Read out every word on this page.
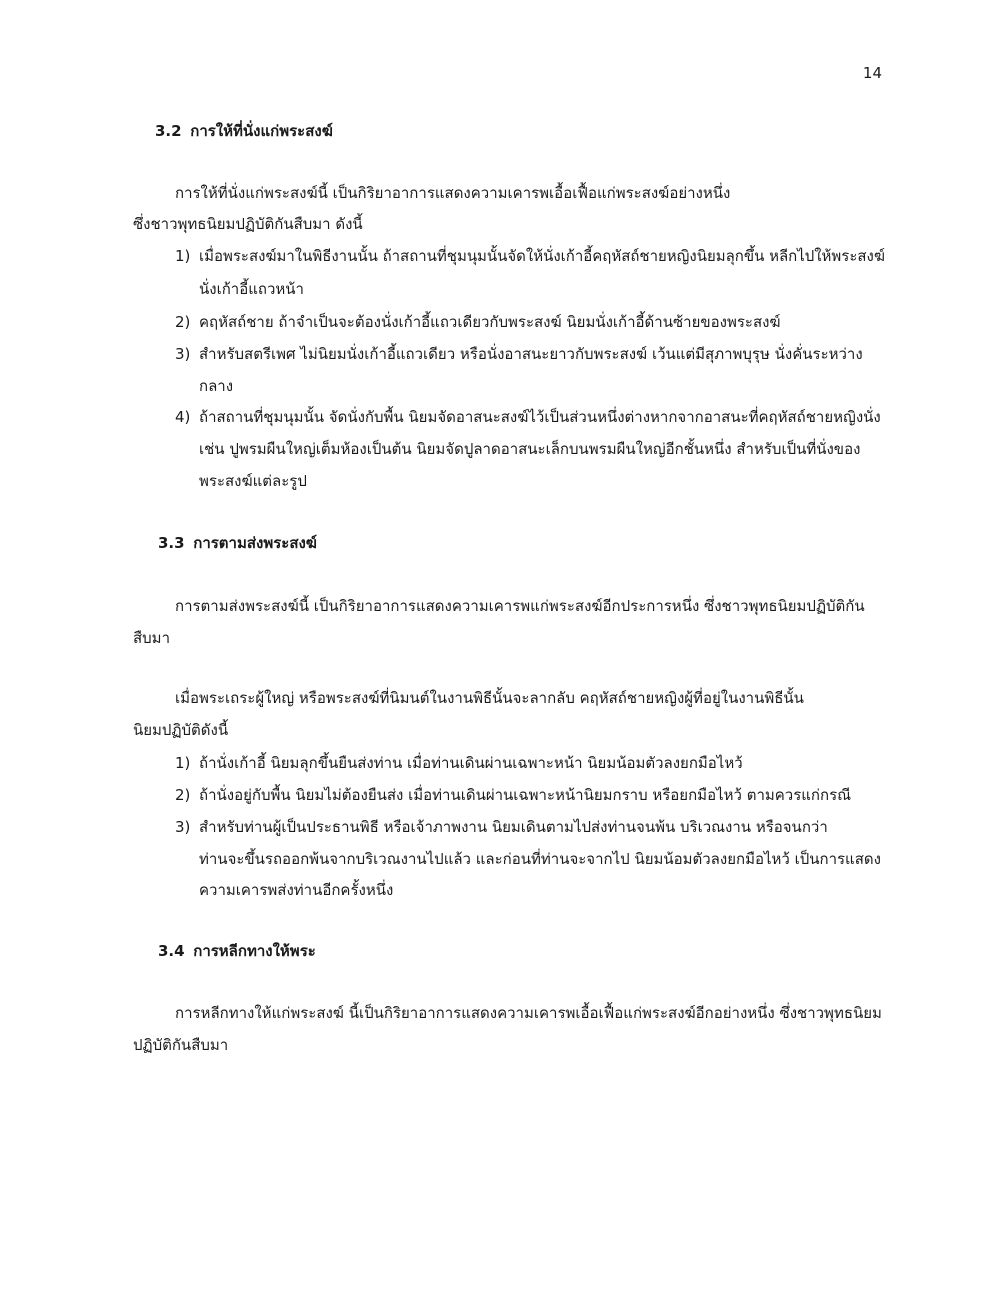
14
3.2 การให้ที่นั่งแก่พระสงฆ์
การให้ที่นั่งแก่พระสงฆ์นี้ เป็นกิริยาอาการแสดงความเคารพเอื้อเฟื้อแก่พระสงฆ์อย่างหนึ่ง
ซึ่งชาวพุทธนิยมปฏิบัติกันสืบมา ดังนี้
1) เมื่อพระสงฆ์มาในพิธีงานนั้น ถ้าสถานที่ชุมนุมนั้นจัดให้นั่งเก้าอี้คฤหัสถ์ชายหญิงนิยมลุกขึ้น หลีกไปให้พระสงฆ์
นั่งเก้าอี้แถวหน้า
2) คฤหัสถ์ชาย ถ้าจำเป็นจะต้องนั่งเก้าอี้แถวเดียวกับพระสงฆ์ นิยมนั่งเก้าอี้ด้านซ้ายของพระสงฆ์
3) สำหรับสตรีเพศ ไม่นิยมนั่งเก้าอี้แถวเดียว หรือนั่งอาสนะยาวกับพระสงฆ์ เว้นแต่มีสุภาพบุรุษ นั่งคั่นระหว่าง
กลาง
4) ถ้าสถานที่ชุมนุมนั้น จัดนั่งกับพื้น นิยมจัดอาสนะสงฆ์ไว้เป็นส่วนหนึ่งต่างหากจากอาสนะที่คฤหัสถ์ชายหญิงนั่ง
เช่น ปูพรมผืนใหญ่เต็มห้องเป็นต้น นิยมจัดปูลาดอาสนะเล็กบนพรมผืนใหญ่อีกชั้นหนึ่ง สำหรับเป็นที่นั่งของ
พระสงฆ์แต่ละรูป
3.3 การตามส่งพระสงฆ์
การตามส่งพระสงฆ์นี้ เป็นกิริยาอาการแสดงความเคารพแก่พระสงฆ์อีกประการหนึ่ง ซึ่งชาวพุทธนิยมปฏิบัติกัน
สืบมา
เมื่อพระเถระผู้ใหญ่ หรือพระสงฆ์ที่นิมนต์ในงานพิธีนั้นจะลากลับ คฤหัสถ์ชายหญิงผู้ที่อยู่ในงานพิธีนั้น
นิยมปฏิบัติดังนี้
1) ถ้านั่งเก้าอี้ นิยมลุกขึ้นยืนส่งท่าน เมื่อท่านเดินผ่านเฉพาะหน้า นิยมน้อมตัวลงยกมือไหว้
2) ถ้านั่งอยู่กับพื้น นิยมไม่ต้องยืนส่ง เมื่อท่านเดินผ่านเฉพาะหน้านิยมกราบ หรือยกมือไหว้ ตามควรแก่กรณี
3) สำหรับท่านผู้เป็นประธานพิธี หรือเจ้าภาพงาน นิยมเดินตามไปส่งท่านจนพ้น บริเวณงาน หรือจนกว่า
ท่านจะขึ้นรถออกพ้นจากบริเวณงานไปแล้ว และก่อนที่ท่านจะจากไป นิยมน้อมตัวลงยกมือไหว้ เป็นการแสดง
ความเคารพส่งท่านอีกครั้งหนึ่ง
3.4 การหลีกทางให้พระ
การหลีกทางให้แก่พระสงฆ์ นี้เป็นกิริยาอาการแสดงความเคารพเอื้อเฟื้อแก่พระสงฆ์อีกอย่างหนึ่ง ซึ่งชาวพุทธนิยม
ปฏิบัติกันสืบมา
